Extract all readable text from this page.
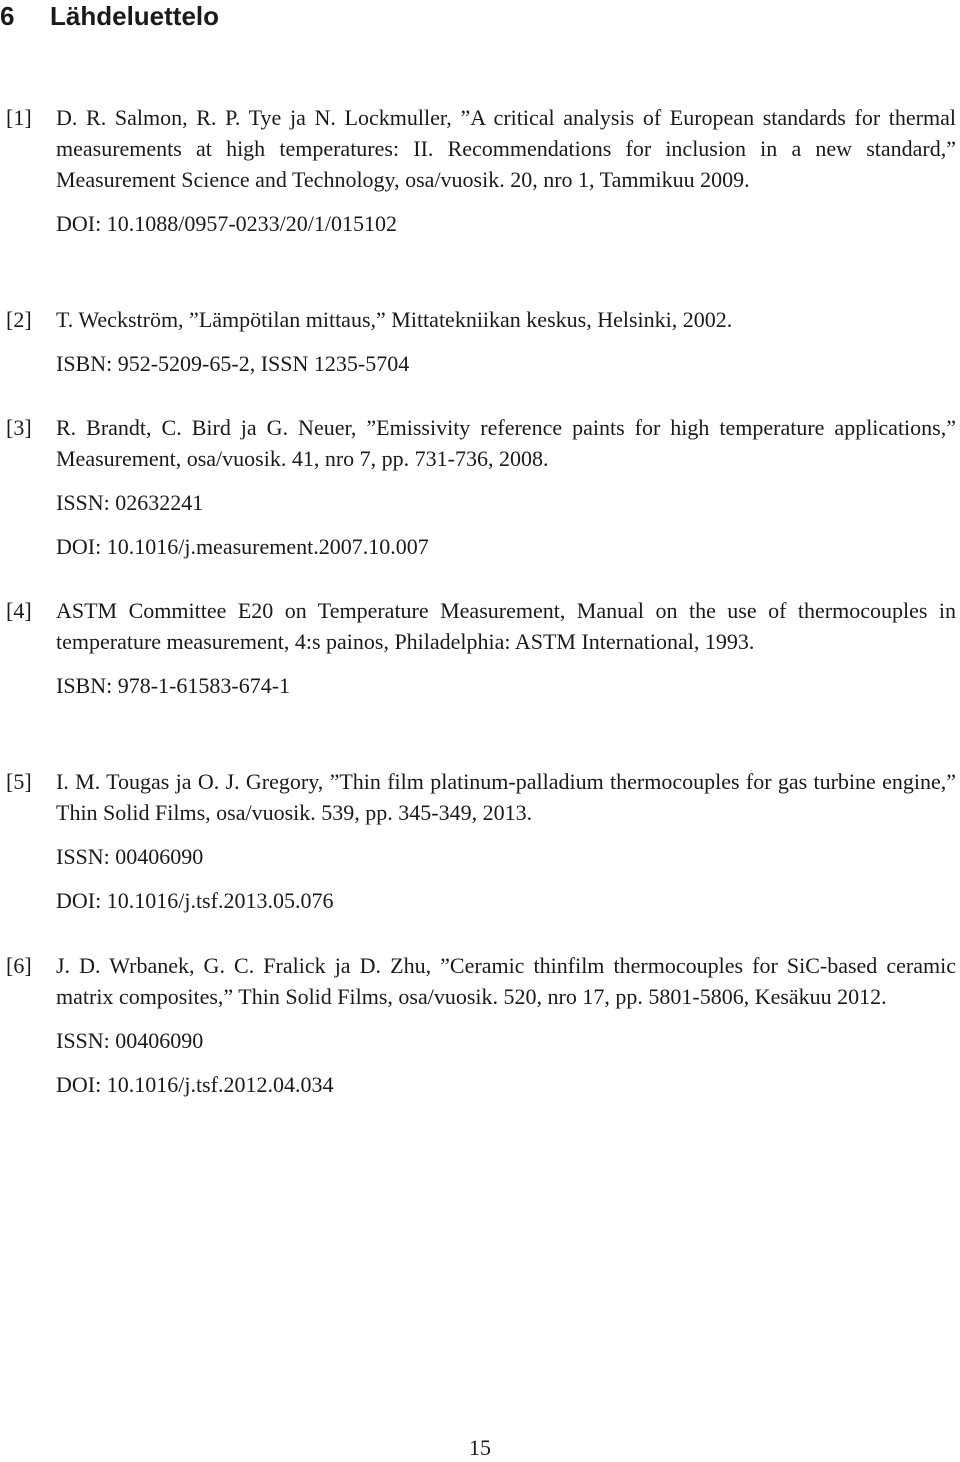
6 Lähdeluettelo
[1] D. R. Salmon, R. P. Tye ja N. Lockmuller, ”A critical analysis of European standards for thermal measurements at high temperatures: II. Recommendations for inclusion in a new standard,” Measurement Science and Technology, osa/vuosik. 20, nro 1, Tammikuu 2009.
DOI: 10.1088/0957-0233/20/1/015102
[2] T. Weckström, ”Lämpötilan mittaus,” Mittatekniikan keskus, Helsinki, 2002.
ISBN: 952-5209-65-2, ISSN 1235-5704
[3] R. Brandt, C. Bird ja G. Neuer, ”Emissivity reference paints for high temperature applications,” Measurement, osa/vuosik. 41, nro 7, pp. 731-736, 2008.
ISSN: 02632241
DOI: 10.1016/j.measurement.2007.10.007
[4] ASTM Committee E20 on Temperature Measurement, Manual on the use of thermocouples in temperature measurement, 4:s painos, Philadelphia: ASTM International, 1993.
ISBN: 978-1-61583-674-1
[5] I. M. Tougas ja O. J. Gregory, ”Thin film platinum-palladium thermocouples for gas turbine engine,” Thin Solid Films, osa/vuosik. 539, pp. 345-349, 2013.
ISSN: 00406090
DOI: 10.1016/j.tsf.2013.05.076
[6] J. D. Wrbanek, G. C. Fralick ja D. Zhu, ”Ceramic thinfilm thermocouples for SiC-based ceramic matrix composites,” Thin Solid Films, osa/vuosik. 520, nro 17, pp. 5801-5806, Kesäkuu 2012.
ISSN: 00406090
DOI: 10.1016/j.tsf.2012.04.034
15
